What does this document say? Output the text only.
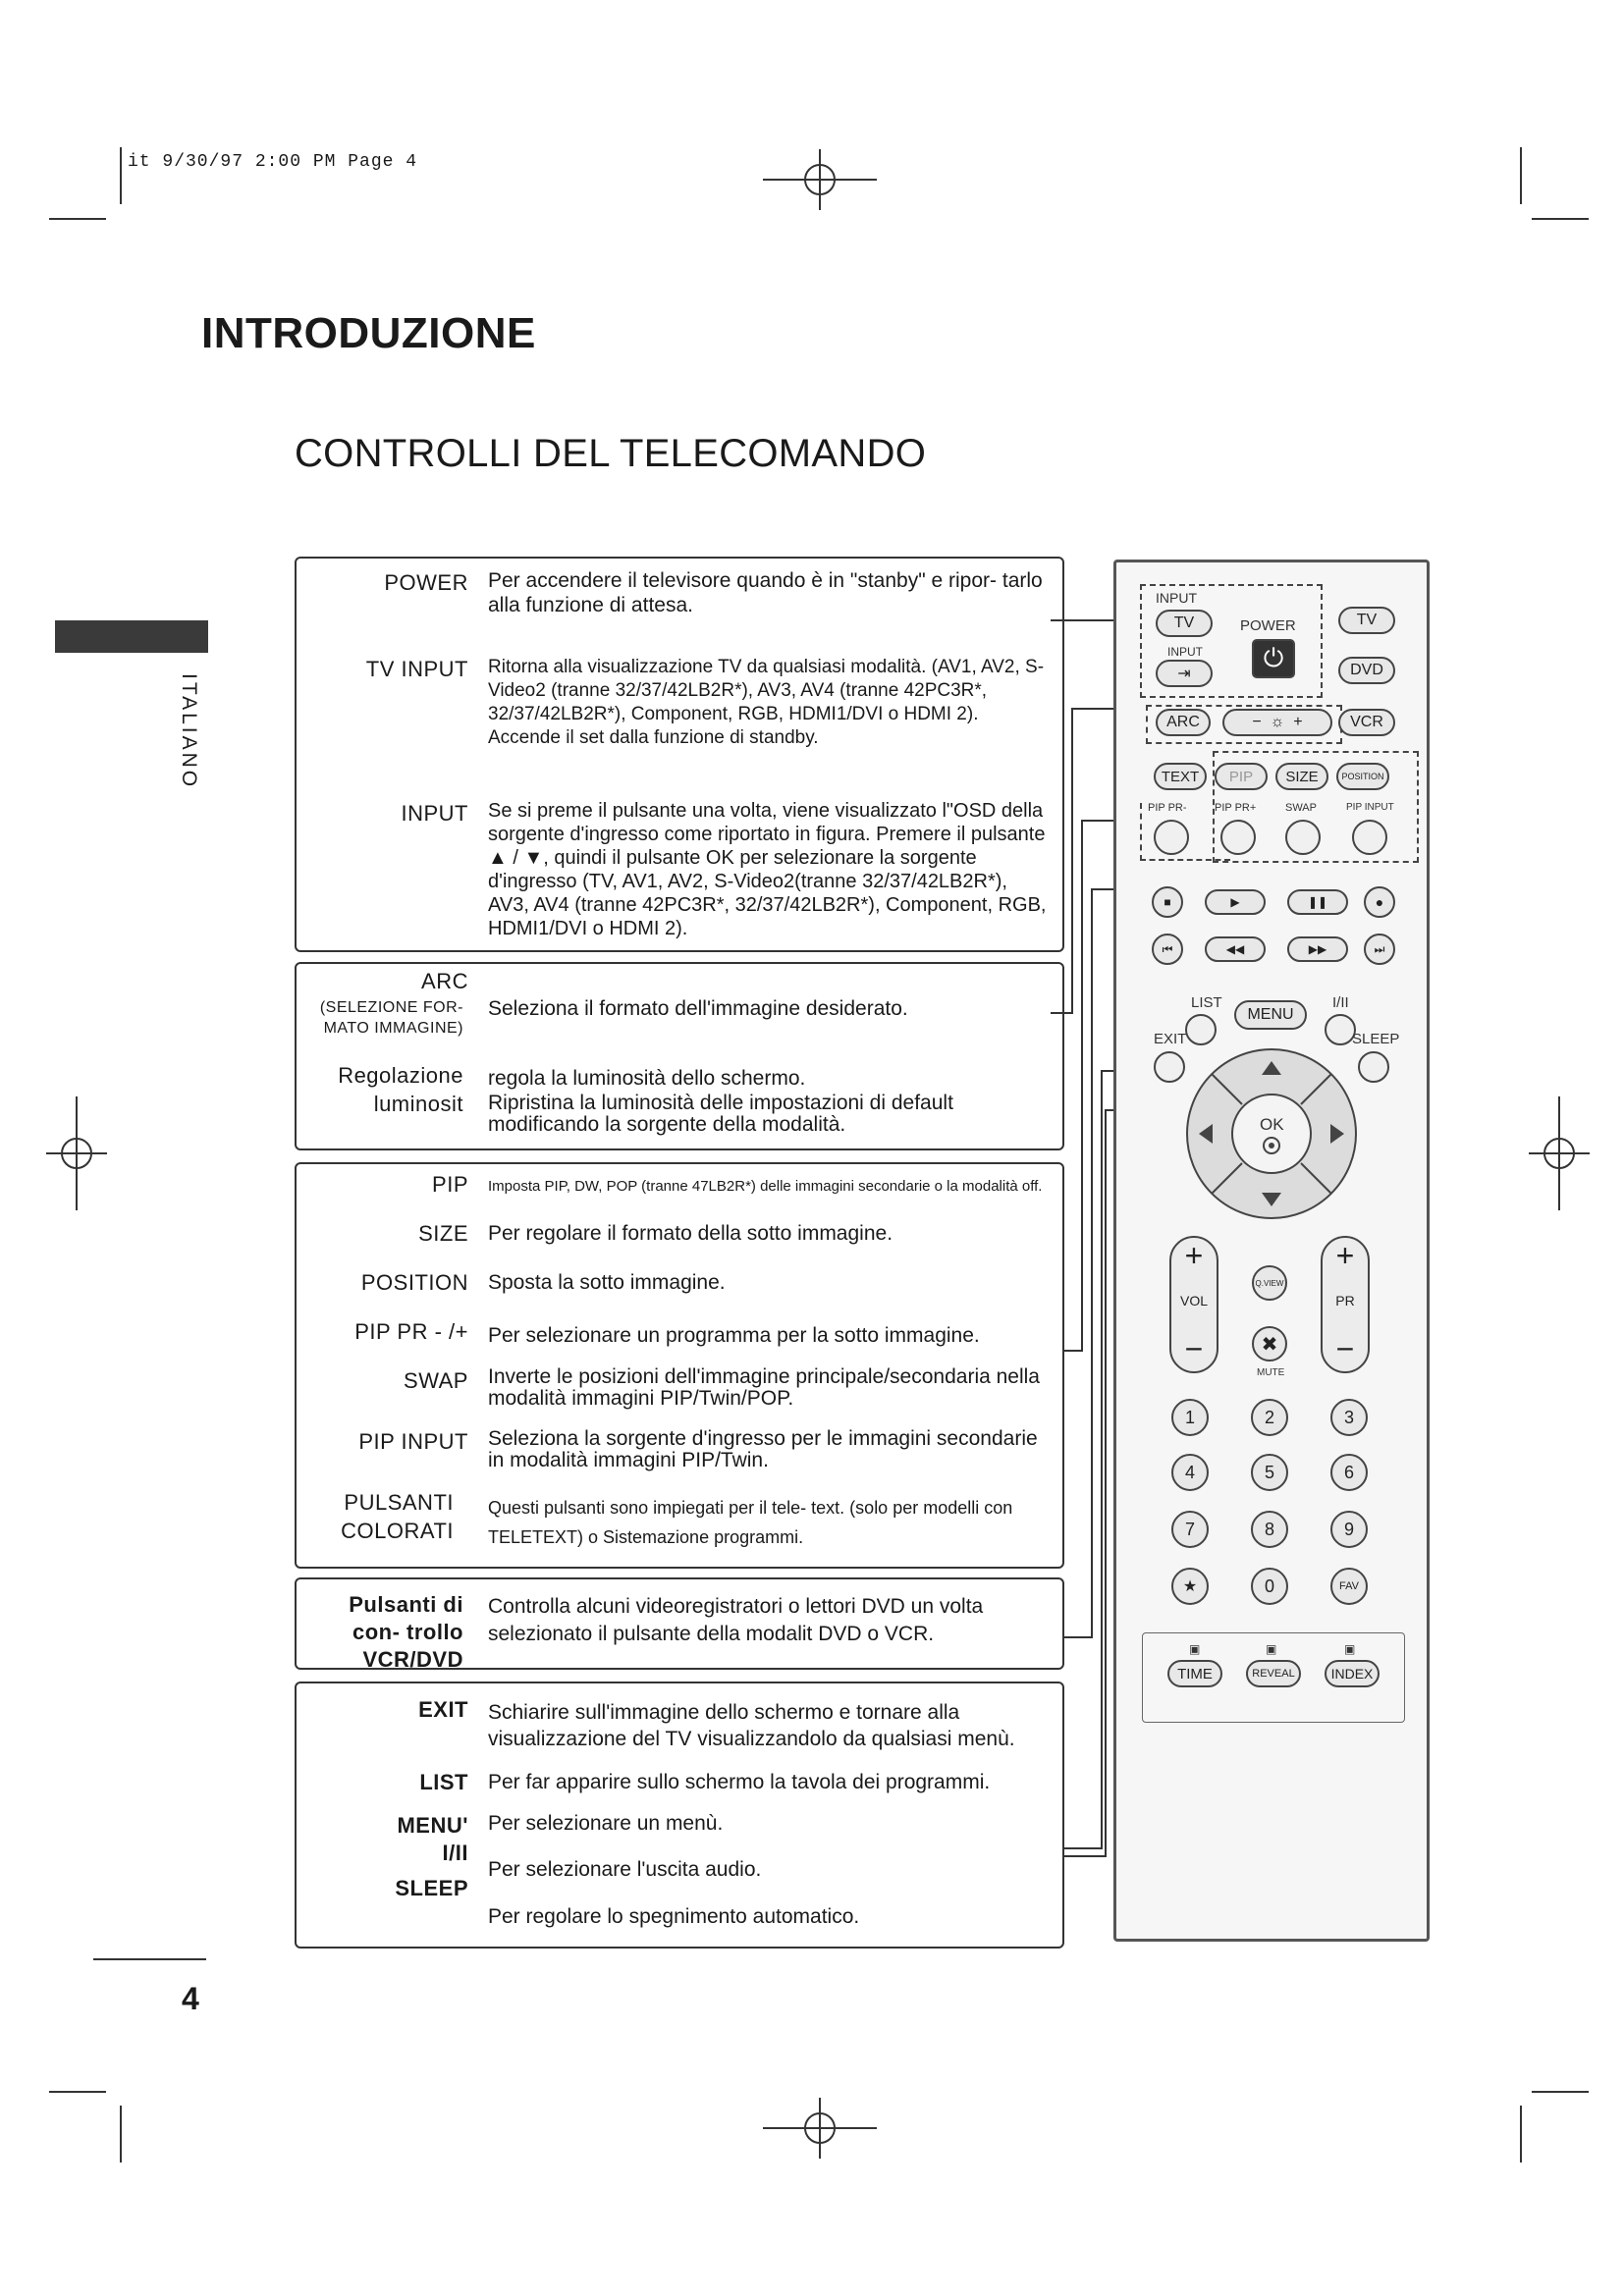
it 9/30/97 2:00 PM Page 4
INTRODUZIONE
CONTROLLI DEL TELECOMANDO
ITALIANO
4
POWER Per accendere il televisore quando è in "stanby" e ripor- tarlo alla funzione di attesa.
TV INPUT Ritorna alla visualizzazione TV da qualsiasi modalità. (AV1, AV2, S-Video2 (tranne 32/37/42LB2R*), AV3, AV4 (tranne 42PC3R*, 32/37/42LB2R*), Component, RGB, HDMI1/DVI o HDMI 2). Accende il set dalla funzione di standby.
INPUT Se si preme il pulsante una volta, viene visualizzato l"OSD della sorgente d'ingresso come riportato in figura. Premere il pulsante ▲ / ▼, quindi il pulsante OK per selezionare la sorgente d'ingresso (TV, AV1, AV2, S-Video2(tranne 32/37/42LB2R*), AV3, AV4 (tranne 42PC3R*, 32/37/42LB2R*), Component, RGB, HDMI1/DVI o HDMI 2).
ARC
(SELEZIONE FOR- MATO IMMAGINE)
Seleziona il formato dell'immagine desiderato.
Regolazione luminosit
regola la luminosità dello schermo.
Ripristina la luminosità delle impostazioni di default modificando la sorgente della modalità.
PIP Imposta PIP, DW, POP (tranne 47LB2R*) delle immagini secondarie o la modalità off.
SIZE Per regolare il formato della sotto immagine.
POSITION Sposta la sotto immagine.
PIP PR - /+ Per selezionare un programma per la sotto immagine.
SWAP Inverte le posizioni dell'immagine principale/secondaria nella modalità immagini PIP/Twin/POP.
PIP INPUT Seleziona la sorgente d'ingresso per le immagini secondarie in modalità immagini PIP/Twin.
PULSANTI COLORATI
Questi pulsanti sono impiegati per il tele- text. (solo per modelli con TELETEXT) o Sistemazione programmi.
Pulsanti di con- trollo VCR/DVD
Controlla alcuni videoregistratori o lettori DVD un volta selezionato il pulsante della modalit DVD o VCR.
EXIT Schiarire sull'immagine dello schermo e tornare alla visualizzazione del TV visualizzandolo da qualsiasi menù.
LIST Per far apparire sullo schermo la tavola dei programmi.
MENU' Per selezionare un menù.
I/II
Per selezionare l'uscita audio.
SLEEP
Per regolare lo spegnimento automatico.
INPUT
TV	POWER
⏻
INPUT
⇥
TV
DVD
ARC	−  ☼  +	VCR
TEXT	PIP	SIZE	POSITION
PIP PR-	PIP PR+	SWAP	PIP INPUT
■	▶	❚❚	●
⏮	◀◀	▶▶	⏭
LIST	I/II
MENU
EXIT	SLEEP
OK
+
VOL
−
+
PR
−
Q.VIEW
✖
MUTE
1	2	3
4	5	6
7	8	9
★	0	FAV
▣	▣	▣
TIME	REVEAL	INDEX
